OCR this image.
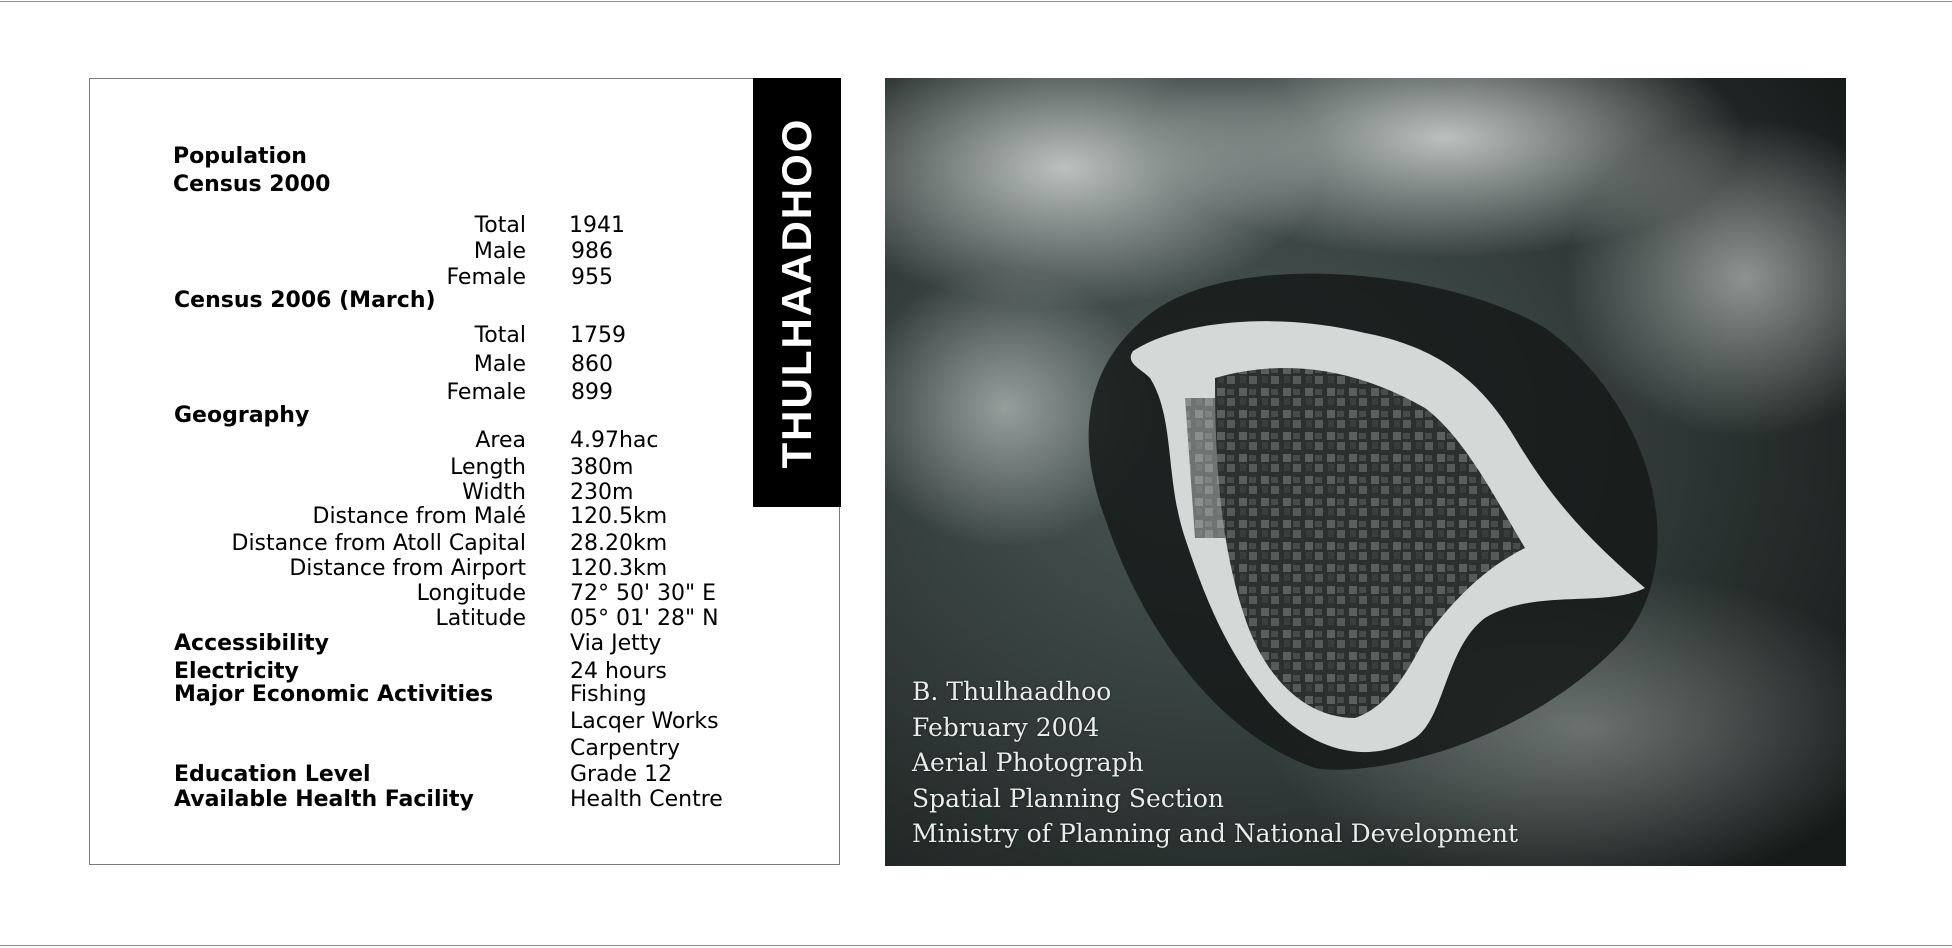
THULHAADHOO
Population
Census 2000
Total 1941
Male 986
Female 955
Census 2006 (March)
Total 1759
Male 860
Female 899
Geography
Area 4.97hac
Length 380m
Width 230m
Distance from Malé 120.5km
Distance from Atoll Capital 28.20km
Distance from Airport 120.3km
Longitude 72° 50' 30" E
Latitude 05° 01' 28" N
Accessibility	Via Jetty
Electricity	24 hours
Major Economic Activities	Fishing
Lacqer Works
Carpentry
Education Level	Grade 12
Available Health Facility	Health Centre
B. Thulhaadhoo
February 2004
Aerial Photograph
Spatial Planning Section
Ministry of Planning and National Development
